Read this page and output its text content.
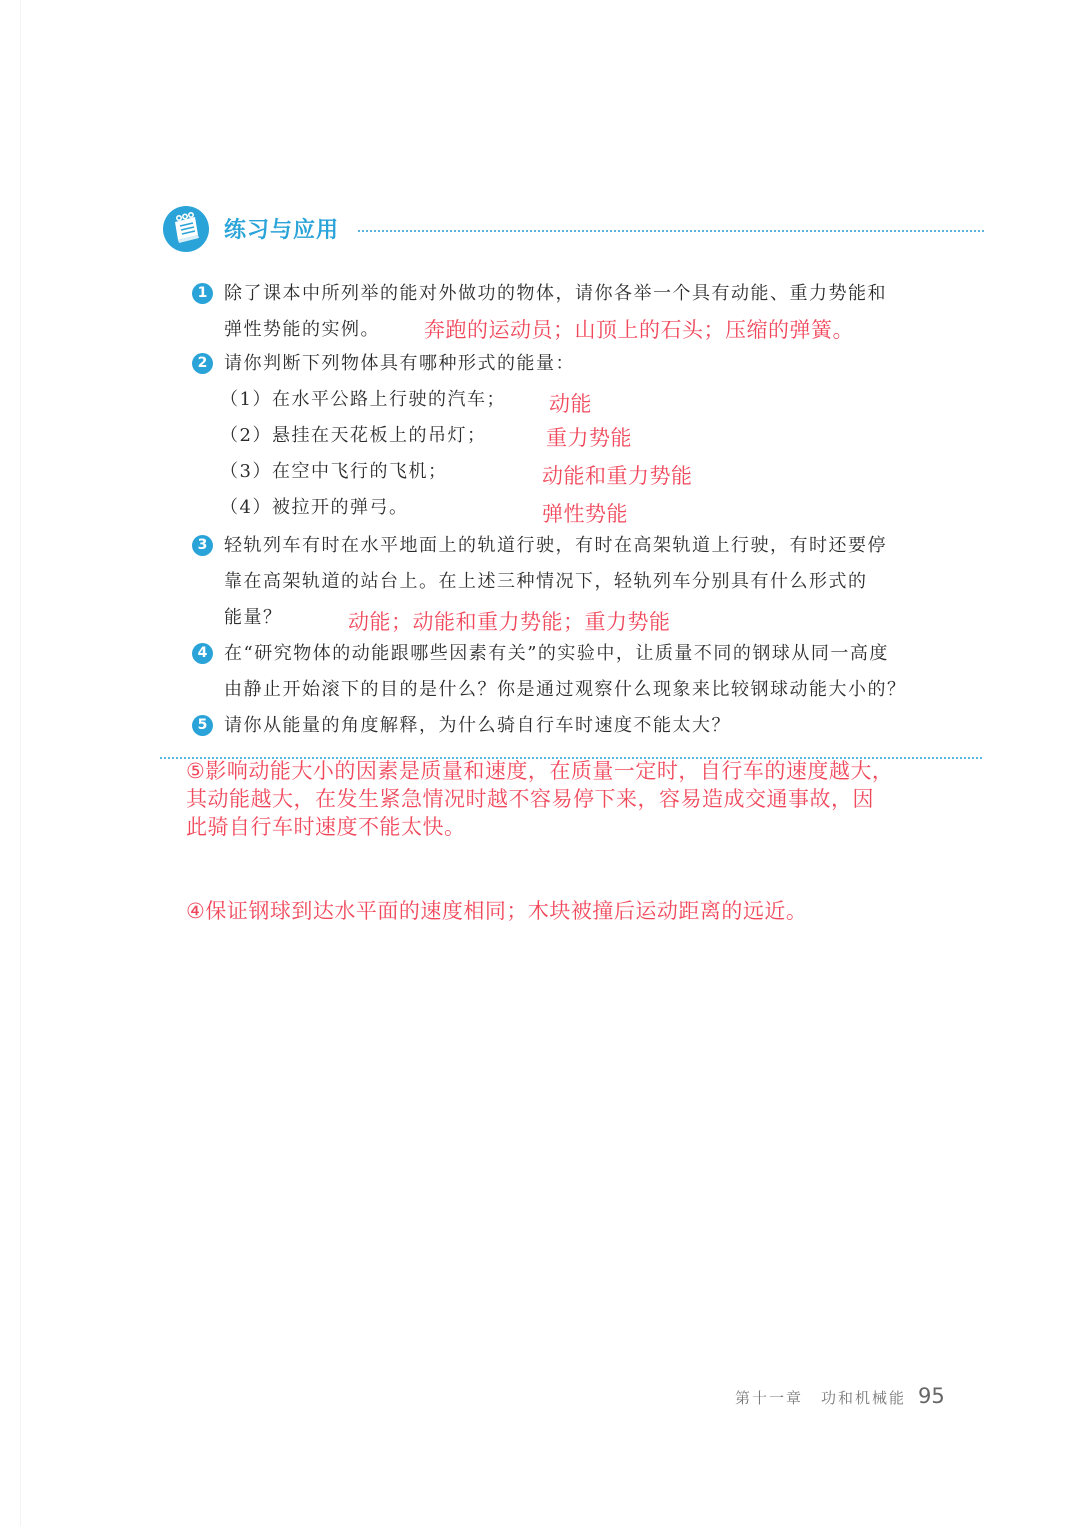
练习与应用
1 除了课本中所列举的能对外做功的物体，请你各举一个具有动能、重力势能和
弹性势能的实例。	奔跑的运动员；山顶上的石头；压缩的弹簧。
2 请你判断下列物体具有哪种形式的能量：
（1）在水平公路上行驶的汽车； 动能
（2）悬挂在天花板上的吊灯；	重力势能
（3）在空中飞行的飞机；	动能和重力势能
（4）被拉开的弹弓。	弹性势能
3 轻轨列车有时在水平地面上的轨道行驶，有时在高架轨道上行驶，有时还要停
靠在高架轨道的站台上。在上述三种情况下，轻轨列车分别具有什么形式的
能量？	动能；动能和重力势能；重力势能
4 在“研究物体的动能跟哪些因素有关”的实验中，让质量不同的钢球从同一高度
由静止开始滚下的目的是什么？你是通过观察什么现象来比较钢球动能大小的？
5 请你从能量的角度解释，为什么骑自行车时速度不能太大？
⑤影响动能大小的因素是质量和速度，在质量一定时，自行车的速度越大，
其动能越大，在发生紧急情况时越不容易停下来，容易造成交通事故，因
此骑自行车时速度不能太快。
④保证钢球到达水平面的速度相同；木块被撞后运动距离的远近。
第十一章 功和机械能 95
